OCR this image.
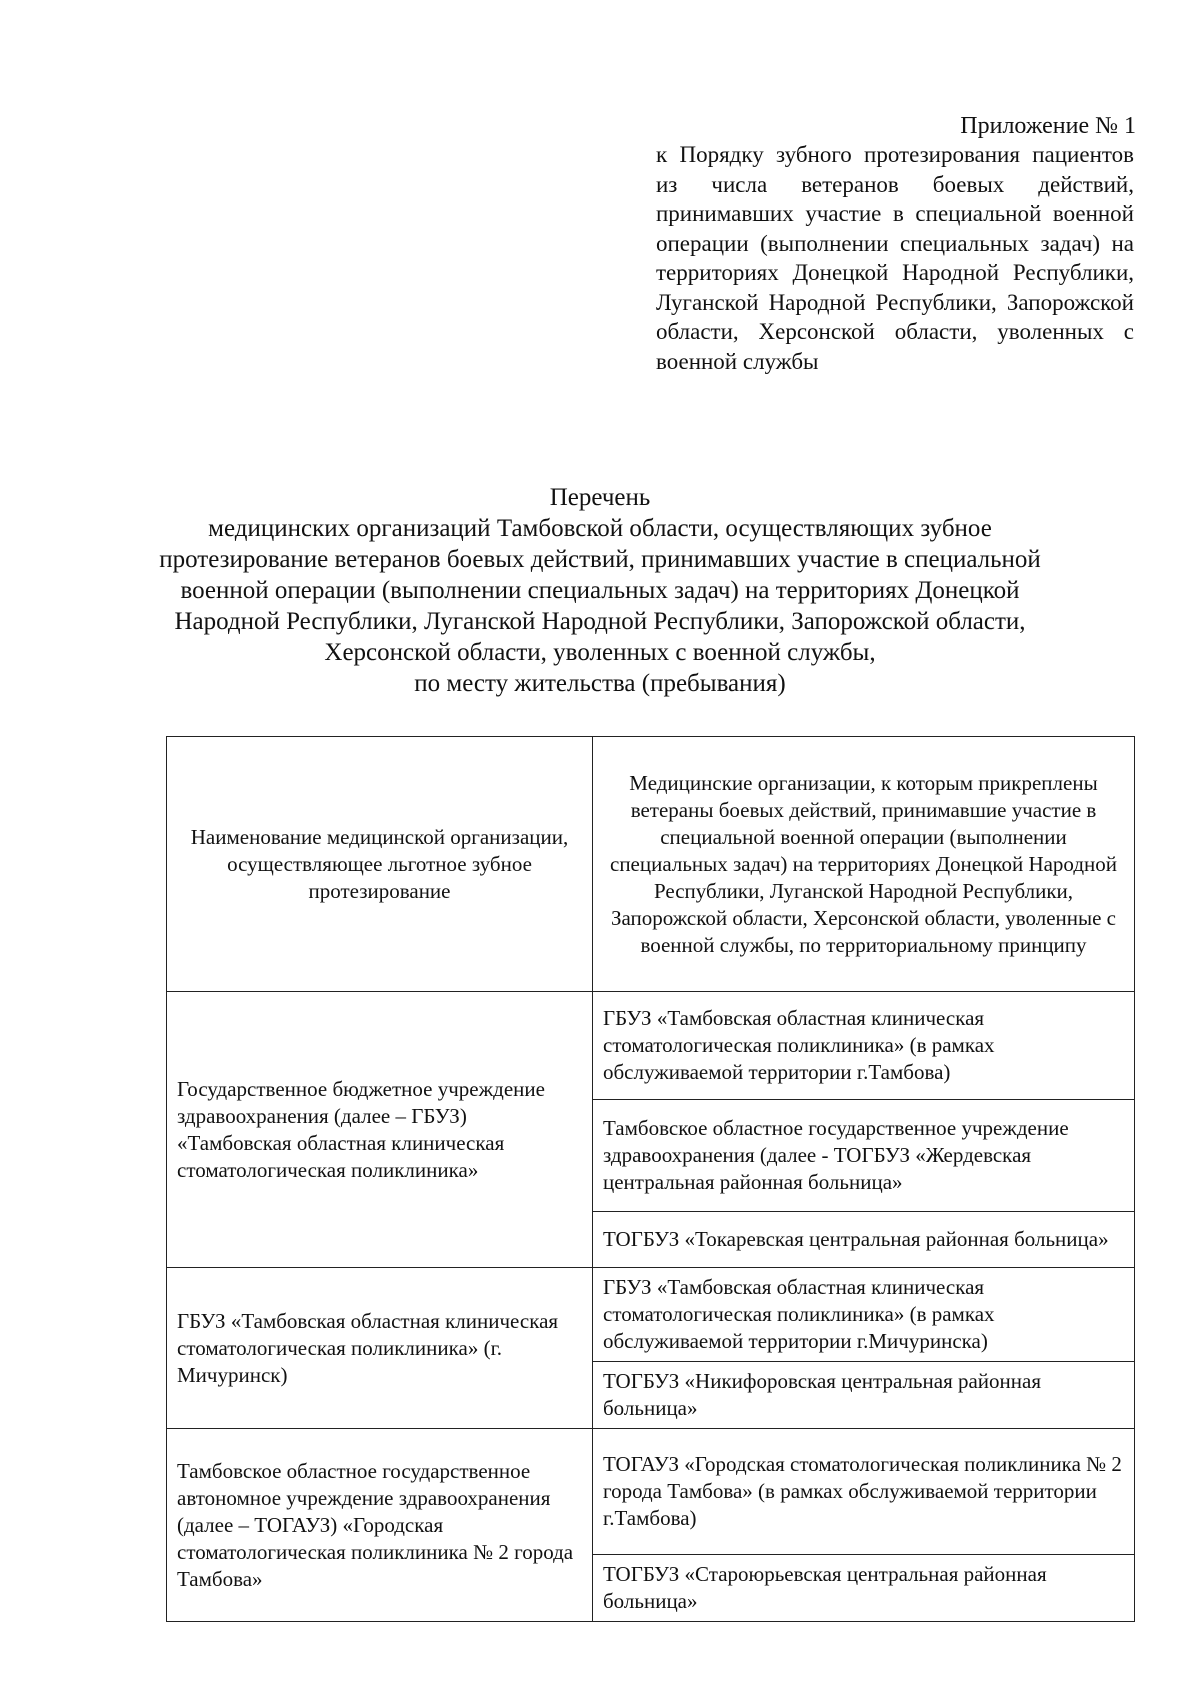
Приложение № 1
к Порядку зубного протезирования пациентов из числа ветеранов боевых действий, принимавших участие в специальной военной операции (выполнении специальных задач) на территориях Донецкой Народной Республики, Луганской Народной Республики, Запорожской области, Херсонской области, уволенных с военной службы
Перечень
медицинских организаций Тамбовской области, осуществляющих зубное
протезирование ветеранов боевых действий, принимавших участие в специальной
военной операции (выполнении специальных задач) на территориях Донецкой
Народной Республики, Луганской Народной Республики, Запорожской области,
Херсонской области, уволенных с военной службы,
по месту жительства (пребывания)
Наименование медицинской организации, осуществляющее льготное зубное протезирование	Медицинские организации, к которым прикреплены ветераны боевых действий, принимавшие участие в специальной военной операции (выполнении специальных задач) на территориях Донецкой Народной Республики, Луганской Народной Республики, Запорожской области, Херсонской области, уволенные с военной службы, по территориальному принципу
Государственное бюджетное учреждение здравоохранения (далее – ГБУЗ) «Тамбовская областная клиническая стоматологическая поликлиника»	ГБУЗ «Тамбовская областная клиническая стоматологическая поликлиника» (в рамках обслуживаемой территории г.Тамбова)
	Тамбовское областное государственное учреждение здравоохранения (далее - ТОГБУЗ «Жердевская центральная районная больница»
	ТОГБУЗ «Токаревская центральная районная больница»
ГБУЗ «Тамбовская областная клиническая стоматологическая поликлиника» (г. Мичуринск)	ГБУЗ «Тамбовская областная клиническая стоматологическая поликлиника» (в рамках обслуживаемой территории г.Мичуринска)
	ТОГБУЗ «Никифоровская центральная районная больница»
Тамбовское областное государственное автономное учреждение здравоохранения (далее – ТОГАУЗ) «Городская стоматологическая поликлиника № 2 города Тамбова»	ТОГАУЗ «Городская стоматологическая поликлиника № 2 города Тамбова» (в рамках обслуживаемой территории г.Тамбова)
	ТОГБУЗ «Староюрьевская центральная районная больница»
